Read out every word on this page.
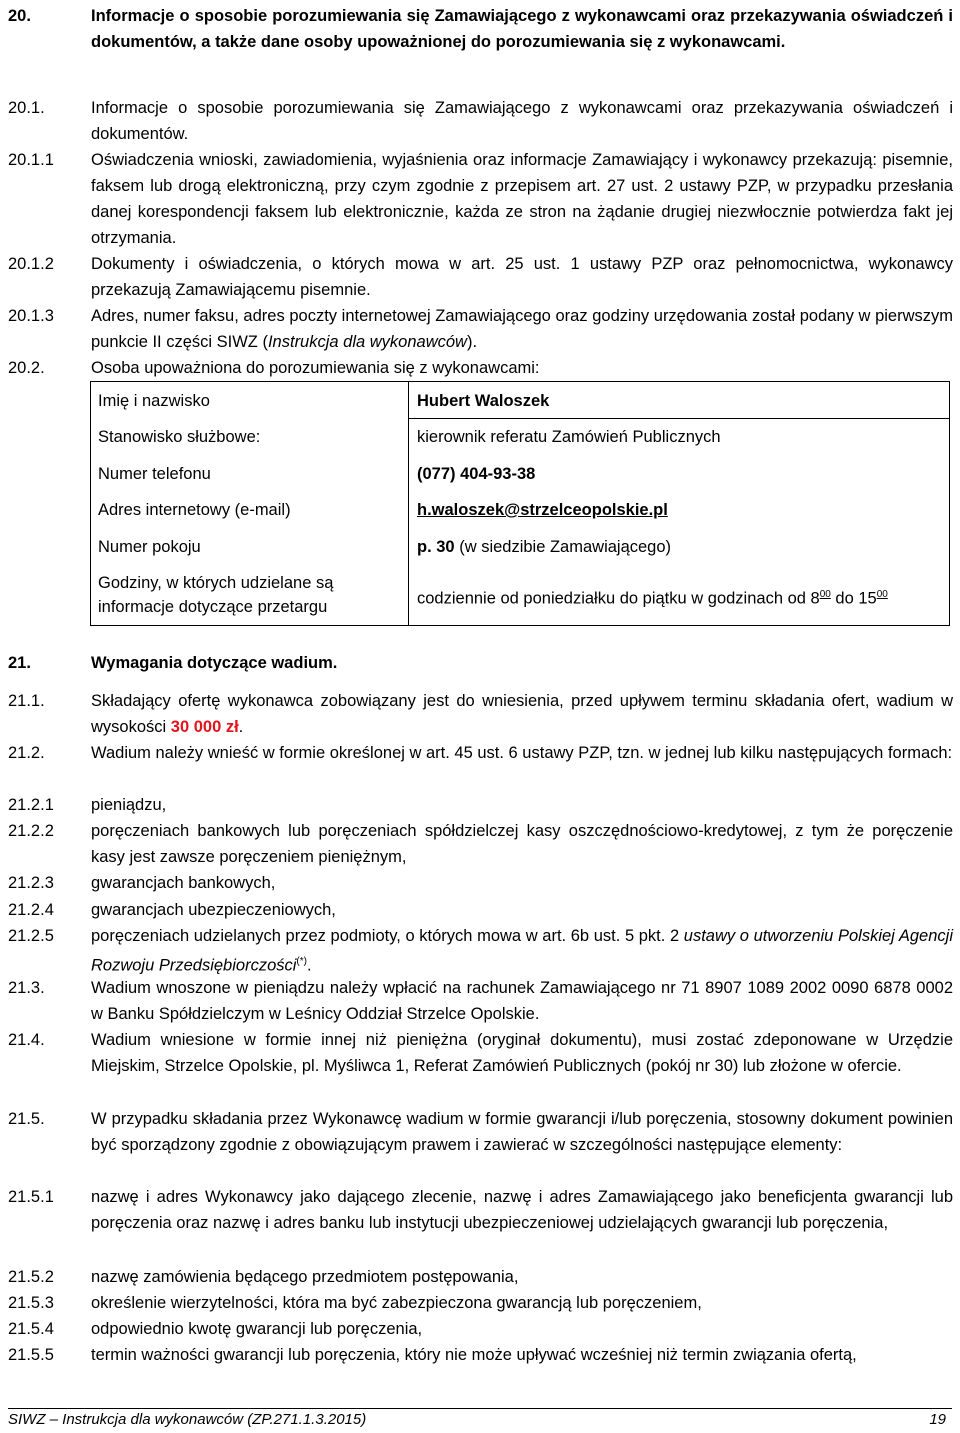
20.	Informacje o sposobie porozumiewania się Zamawiającego z wykonawcami oraz przekazywania oświadczeń i dokumentów, a także dane osoby upoważnionej do porozumiewania się z wykonawcami.
20.1.	Informacje o sposobie porozumiewania się Zamawiającego z wykonawcami oraz przekazywania oświadczeń i dokumentów.
20.1.1	Oświadczenia wnioski, zawiadomienia, wyjaśnienia oraz informacje Zamawiający i wykonawcy przekazują: pisemnie, faksem lub drogą elektroniczną, przy czym zgodnie z przepisem art. 27 ust. 2 ustawy PZP, w przypadku przesłania danej korespondencji faksem lub elektronicznie, każda ze stron na żądanie drugiej niezwłocznie potwierdza fakt jej otrzymania.
20.1.2	Dokumenty i oświadczenia, o których mowa w art. 25 ust. 1 ustawy PZP oraz pełnomocnictwa, wykonawcy przekazują Zamawiającemu pisemnie.
20.1.3	Adres, numer faksu, adres poczty internetowej Zamawiającego oraz godziny urzędowania został podany w pierwszym punkcie II części SIWZ (Instrukcja dla wykonawców).
20.2.	Osoba upoważniona do porozumiewania się z wykonawcami:
Imię i nazwisko	Hubert Waloszek
Stanowisko służbowe:	kierownik referatu Zamówień Publicznych
Numer telefonu	(077) 404-93-38
Adres internetowy (e-mail)	h.waloszek@strzelceopolskie.pl
Numer pokoju	p. 30 (w siedzibie Zamawiającego)
Godziny, w których udzielane są
informacje dotyczące przetargu	codziennie od poniedziałku do piątku w godzinach od $8^{00}$ do $15^{00}$
21.	Wymagania dotyczące wadium.
21.1.	Składający ofertę wykonawca zobowiązany jest do wniesienia, przed upływem terminu składania ofert, wadium w wysokości 30 000 zł.
21.2.	Wadium należy wnieść w formie określonej w art. 45 ust. 6 ustawy PZP, tzn. w jednej lub kilku następujących formach:
21.2.1	pieniądzu,
21.2.2	poręczeniach bankowych lub poręczeniach spółdzielczej kasy oszczędnościowo-kredytowej, z tym że poręczenie kasy jest zawsze poręczeniem pieniężnym,
21.2.3	gwarancjach bankowych,
21.2.4	gwarancjach ubezpieczeniowych,
21.2.5	poręczeniach udzielanych przez podmioty, o których mowa w art. 6b ust. 5 pkt. 2 ustawy o utworzeniu Polskiej Agencji Rozwoju Przedsiębiorczości(*).
21.3.	Wadium wnoszone w pieniądzu należy wpłacić na rachunek Zamawiającego nr 71 8907 1089 2002 0090 6878 0002 w Banku Spółdzielczym w Leśnicy Oddział Strzelce Opolskie.
21.4.	Wadium wniesione w formie innej niż pieniężna (oryginał dokumentu), musi zostać zdeponowane w Urzędzie Miejskim, Strzelce Opolskie, pl. Myśliwca 1, Referat Zamówień Publicznych (pokój nr 30) lub złożone w ofercie.
21.5.	W przypadku składania przez Wykonawcę wadium w formie gwarancji i/lub poręczenia, stosowny dokument powinien być sporządzony zgodnie z obowiązującym prawem i zawierać w szczególności następujące elementy:
21.5.1	nazwę i adres Wykonawcy jako dającego zlecenie, nazwę i adres Zamawiającego jako beneficjenta gwarancji lub poręczenia oraz nazwę i adres banku lub instytucji ubezpieczeniowej udzielających gwarancji lub poręczenia,
21.5.2	nazwę zamówienia będącego przedmiotem postępowania,
21.5.3	określenie wierzytelności, która ma być zabezpieczona gwarancją lub poręczeniem,
21.5.4	odpowiednio kwotę gwarancji lub poręczenia,
21.5.5	termin ważności gwarancji lub poręczenia, który nie może upływać wcześniej niż termin związania ofertą,
SIWZ – Instrukcja dla wykonawców (ZP.271.1.3.2015)	19
